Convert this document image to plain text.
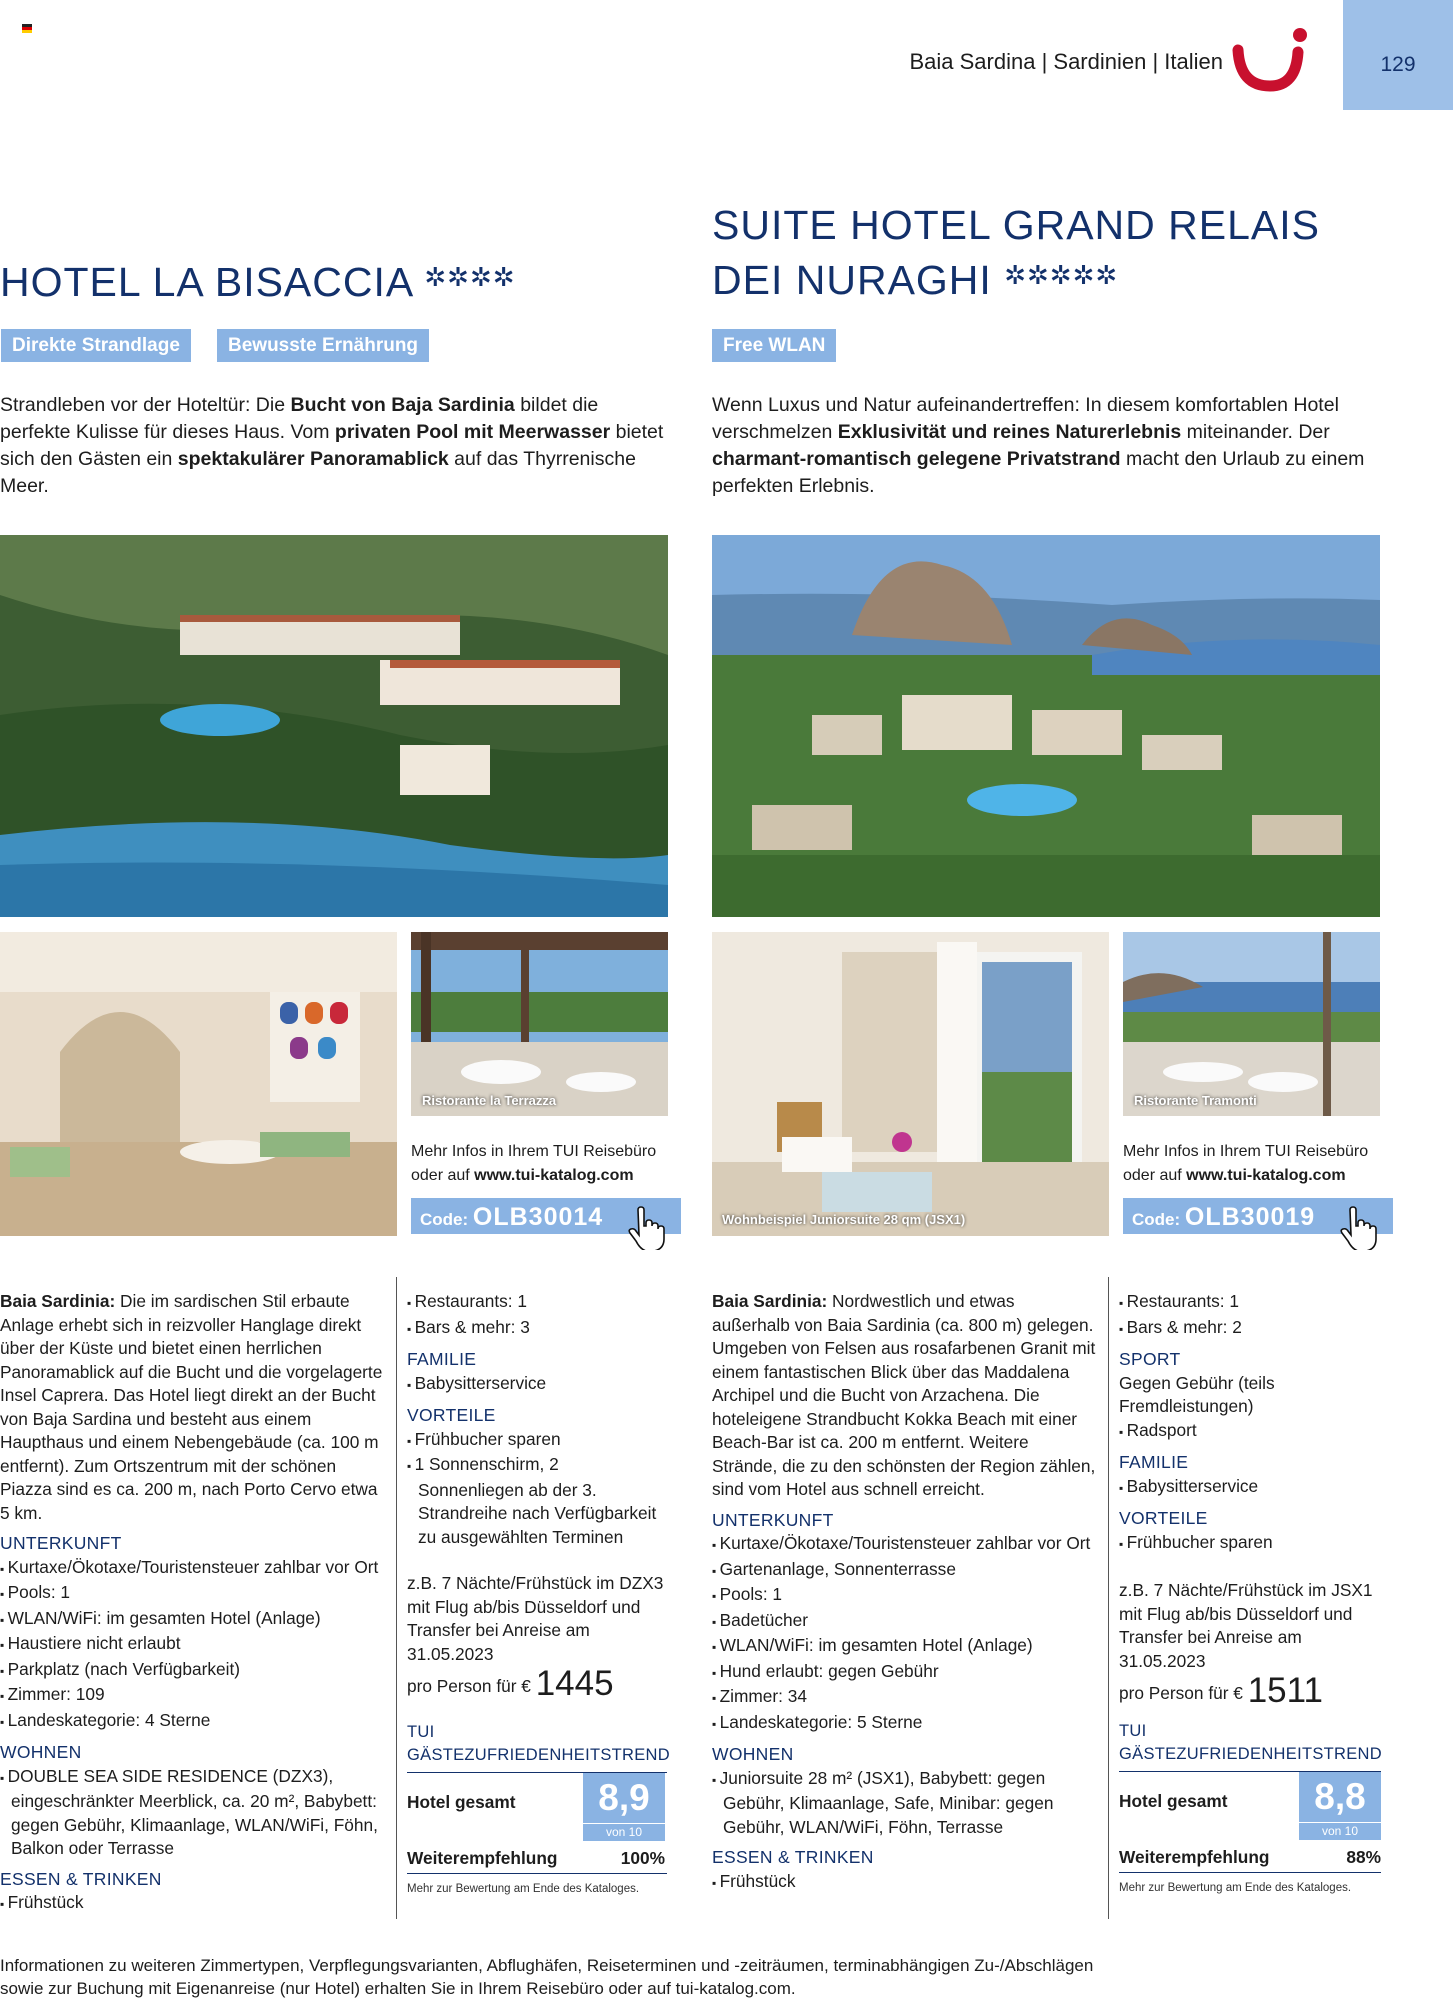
Baia Sardina | Sardinien | Italien	129
HOTEL LA BISACCIA ✲✲✲✲
Direkte Strandlage	Bewusste Ernährung

Strandleben vor der Hoteltür: Die Bucht von Baja Sardinia bildet die perfekte Kulisse für dieses Haus. Vom privaten Pool mit Meerwasser bietet sich den Gästen ein spektakulärer Panoramablick auf das Thyrrenische Meer.

SUITE HOTEL GRAND RELAIS
DEI NURAGHI ✲✲✲✲✲
Free WLAN

Wenn Luxus und Natur aufeinandertreffen: In diesem komfortablen Hotel verschmelzen Exklusivität und reines Naturerlebnis miteinander. Der charmant-romantisch gelegene Privatstrand macht den Urlaub zu einem perfekten Erlebnis.

Ristorante la Terrazza
Mehr Infos in Ihrem TUI Reisebüro
oder auf www.tui-katalog.com
Code: OLB30014	Wohnbeispiel Juniorsuite 28 qm (JSX1)
Ristorante Tramonti
Mehr Infos in Ihrem TUI Reisebüro
oder auf www.tui-katalog.com
Code: OLB30019

Baia Sardinia: Die im sardischen Stil erbaute Anlage erhebt sich in reizvoller Hanglage direkt über der Küste und bietet einen herrlichen Panoramablick auf die Bucht und die vorgelagerte Insel Caprera. Das Hotel liegt direkt an der Bucht von Baja Sardina und besteht aus einem Haupthaus und einem Nebengebäude (ca. 100 m entfernt). Zum Ortszentrum mit der schönen Piazza sind es ca. 200 m, nach Porto Cervo etwa 5 km.

UNTERKUNFT
▪ Kurtaxe/Ökotaxe/Touristensteuer zahlbar vor Ort
▪ Pools: 1
▪ WLAN/WiFi: im gesamten Hotel (Anlage)
▪ Haustiere nicht erlaubt
▪ Parkplatz (nach Verfügbarkeit)
▪ Zimmer: 109
▪ Landeskategorie: 4 Sterne
WOHNEN
▪ DOUBLE SEA SIDE RESIDENCE (DZX3), eingeschränkter Meerblick, ca. 20 m², Babybett: gegen Gebühr, Klimaanlage, WLAN/WiFi, Föhn, Balkon oder Terrasse
ESSEN & TRINKEN
▪ Frühstück
▪ Restaurants: 1
▪ Bars & mehr: 3
FAMILIE
▪ Babysitterservice
VORTEILE
▪ Frühbucher sparen
▪ 1 Sonnenschirm, 2 Sonnenliegen ab der 3. Strandreihe nach Verfügbarkeit zu ausgewählten Terminen

z.B. 7 Nächte/Frühstück im DZX3 mit Flug ab/bis Düsseldorf und Transfer bei Anreise am 31.05.2023

pro Person für € 1445

TUI GÄSTEZUFRIEDENHEITSTREND
Hotel gesamt	8,9
von 10
Weiterempfehlung	100%
Mehr zur Bewertung am Ende des Kataloges.

Baia Sardinia: Nordwestlich und etwas außerhalb von Baia Sardinia (ca. 800 m) gelegen. Umgeben von Felsen aus rosafarbenen Granit mit einem fantastischen Blick über das Maddalena Archipel und die Bucht von Arzachena. Die hoteleigene Strandbucht Kokka Beach mit einer Beach-Bar ist ca. 200 m entfernt. Weitere Strände, die zu den schönsten der Region zählen, sind vom Hotel aus schnell erreicht.

UNTERKUNFT
▪ Kurtaxe/Ökotaxe/Touristensteuer zahlbar vor Ort
▪ Gartenanlage, Sonnenterrasse
▪ Pools: 1
▪ Badetücher
▪ WLAN/WiFi: im gesamten Hotel (Anlage)
▪ Hund erlaubt: gegen Gebühr
▪ Zimmer: 34
▪ Landeskategorie: 5 Sterne
WOHNEN
▪ Juniorsuite 28 m² (JSX1), Babybett: gegen Gebühr, Klimaanlage, Safe, Minibar: gegen Gebühr, WLAN/WiFi, Föhn, Terrasse
ESSEN & TRINKEN
▪ Frühstück
▪ Restaurants: 1
▪ Bars & mehr: 2
SPORT
Gegen Gebühr (teils Fremdleistungen)
▪ Radsport
FAMILIE
▪ Babysitterservice
VORTEILE
▪ Frühbucher sparen

z.B. 7 Nächte/Frühstück im JSX1 mit Flug ab/bis Düsseldorf und Transfer bei Anreise am 31.05.2023

pro Person für € 1511

TUI GÄSTEZUFRIEDENHEITSTREND
Hotel gesamt	8,8
von 10
Weiterempfehlung	88%
Mehr zur Bewertung am Ende des Kataloges.
Informationen zu weiteren Zimmertypen, Verpflegungsvarianten, Abflughäfen, Reiseterminen und -zeiträumen, terminabhängigen Zu-/Abschlägen
sowie zur Buchung mit Eigenanreise (nur Hotel) erhalten Sie in Ihrem Reisebüro oder auf tui-katalog.com.
